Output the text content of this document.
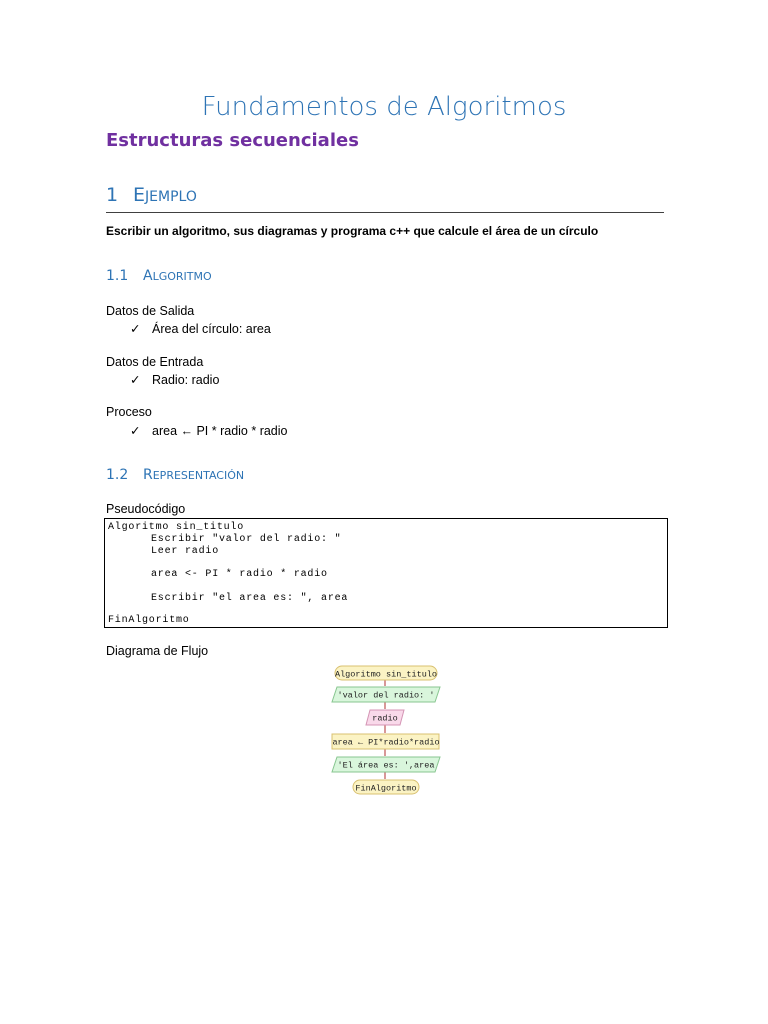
Fundamentos de Algoritmos
Estructuras secuenciales
1 EJEMPLO

Escribir un algoritmo, sus diagramas y programa c++ que calcule el área de un círculo

1.1 ALGORITMO
Datos de Salida
✓ Área del círculo: area
Datos de Entrada
✓ Radio: radio
Proceso
✓ area ← PI * radio * radio
1.2 REPRESENTACIÓN
Pseudocódigo
Algoritmo sin_titulo
Escribir "valor del radio: "
Leer radio
area <- PI * radio * radio
Escribir "el area es: ", area
FinAlgoritmo
Diagrama de Flujo
Algoritmo sin_titulo
'valor del radio: '
radio
area ← PI*radio*radio
'El área es: ',area
FinAlgoritmo
